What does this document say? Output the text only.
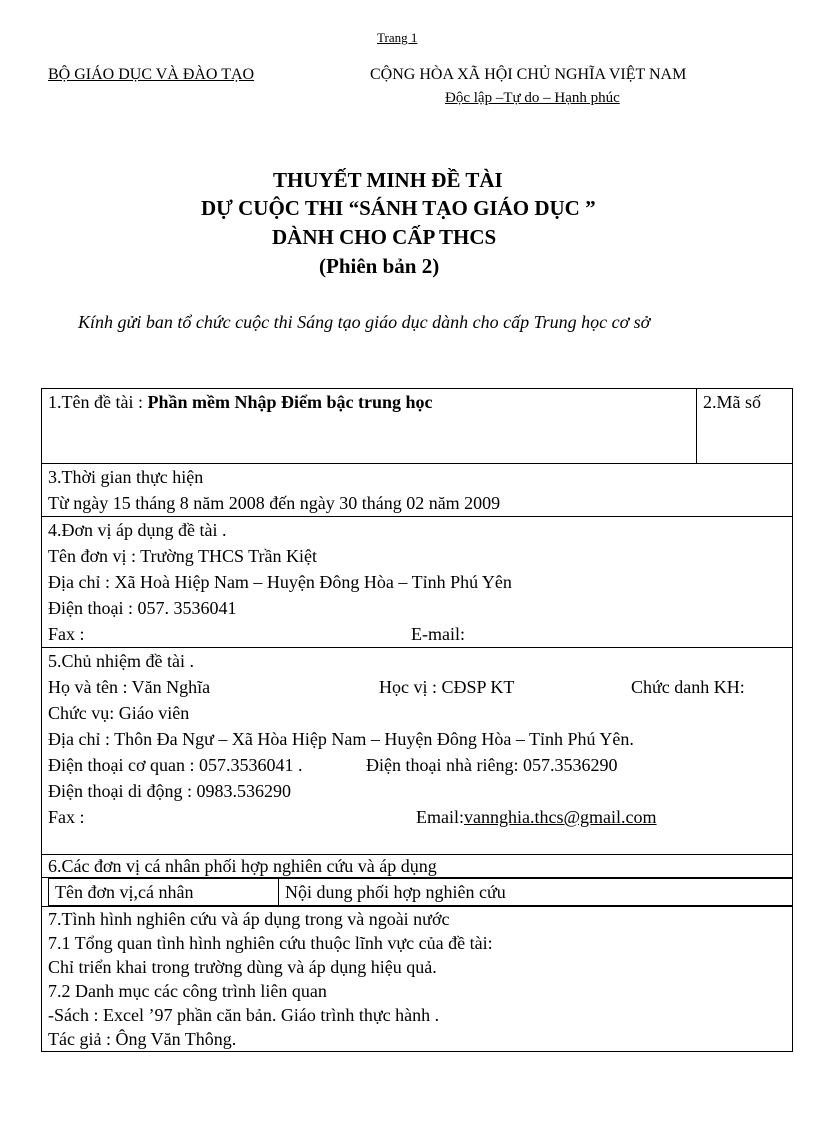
Trang 1
BỘ GIÁO DỤC VÀ ĐÀO TẠO	CỘNG HÒA XÃ HỘI CHỦ NGHĨA VIỆT NAM
Độc lập –Tự do – Hạnh phúc
THUYẾT MINH ĐỀ TÀI
DỰ CUỘC THI “SÁNH TẠO GIÁO DỤC ”
DÀNH CHO CẤP THCS
(Phiên bản 2)
Kính gửi ban tổ chức cuộc thi Sáng tạo giáo dục dành cho cấp Trung học cơ sở
1.Tên đề tài : Phần mềm Nhập Điểm bậc trung học	2.Mã số

3.Thời gian thực hiện
Từ ngày 15 tháng 8 năm 2008 đến ngày 30 tháng 02 năm 2009

4.Đơn vị áp dụng đề tài .
Tên đơn vị : Trường THCS Trần Kiệt
Địa chỉ : Xã Hoà Hiệp Nam – Huyện Đông Hòa – Tỉnh Phú Yên
Điện thoại : 057. 3536041
Fax :	E-mail:

5.Chủ nhiệm đề tài .
Họ và tên : Văn Nghĩa	Học vị : CĐSP KT	Chức danh KH:
Chức vụ: Giáo viên
Địa chỉ : Thôn Đa Ngư – Xã Hòa Hiệp Nam – Huyện Đông Hòa – Tỉnh Phú Yên.
Điện thoại cơ quan : 057.3536041 .	Điện thoại nhà riêng: 057.3536290
Điện thoại di động : 0983.536290
Fax :	Email: vannghia.thcs@gmail.com

6.Các đơn vị cá nhân phối hợp nghiên cứu và áp dụng

Tên đơn vị,cá nhân	Nội dung phối hợp nghiên cứu

7.Tình hình nghiên cứu và áp dụng trong và ngoài nước
7.1 Tổng quan tình hình nghiên cứu thuộc lĩnh vực của đề tài:
Chỉ triển khai trong trường dùng và áp dụng hiệu quả.
7.2 Danh mục các công trình liên quan
-Sách : Excel ’97 phần căn bản. Giáo trình thực hành .
Tác giả : Ông Văn Thông.
